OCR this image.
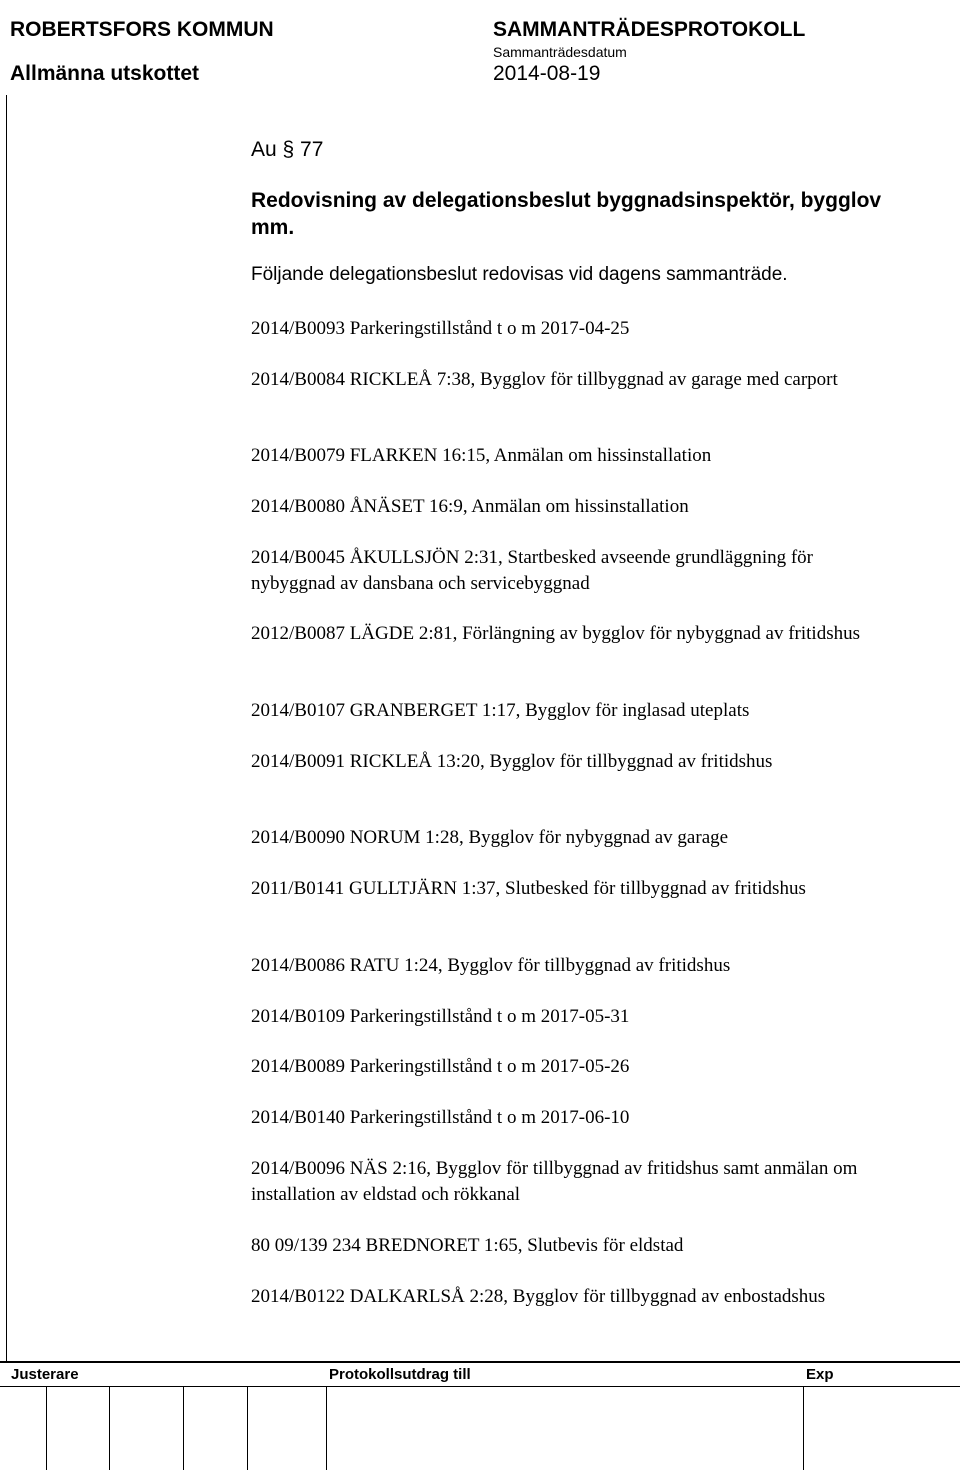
ROBERTSFORS KOMMUN
Allmänna utskottet
SAMMANTRÄDESPROTOKOLL
Sammanträdesdatum
2014-08-19
Au § 77
Redovisning av delegationsbeslut byggnadsinspektör, bygglov mm.
Följande delegationsbeslut redovisas vid dagens sammanträde.
2014/B0093 Parkeringstillstånd t o m 2017-04-25
2014/B0084 RICKLEÅ 7:38, Bygglov för tillbyggnad av garage med carport
2014/B0079 FLARKEN 16:15, Anmälan om hissinstallation
2014/B0080 ÅNÄSET 16:9, Anmälan om hissinstallation
2014/B0045 ÅKULLSJÖN 2:31, Startbesked avseende grundläggning för nybyggnad av dansbana och servicebyggnad
2012/B0087 LÄGDE 2:81, Förlängning av bygglov för nybyggnad av fritidshus
2014/B0107 GRANBERGET 1:17, Bygglov för inglasad uteplats
2014/B0091 RICKLEÅ 13:20, Bygglov för tillbyggnad av fritidshus
2014/B0090 NORUM 1:28, Bygglov för nybyggnad av garage
2011/B0141 GULLTJÄRN 1:37, Slutbesked för tillbyggnad av fritidshus
2014/B0086 RATU 1:24, Bygglov för tillbyggnad av fritidshus
2014/B0109 Parkeringstillstånd t o m 2017-05-31
2014/B0089 Parkeringstillstånd t o m 2017-05-26
2014/B0140 Parkeringstillstånd t o m 2017-06-10
2014/B0096 NÄS 2:16, Bygglov för tillbyggnad av fritidshus samt anmälan om installation av eldstad och rökkanal
80 09/139 234 BREDNORET 1:65, Slutbevis för eldstad
2014/B0122 DALKARLSÅ 2:28, Bygglov för tillbyggnad av enbostadshus
Justerare	Protokollsutdrag till	Exp
